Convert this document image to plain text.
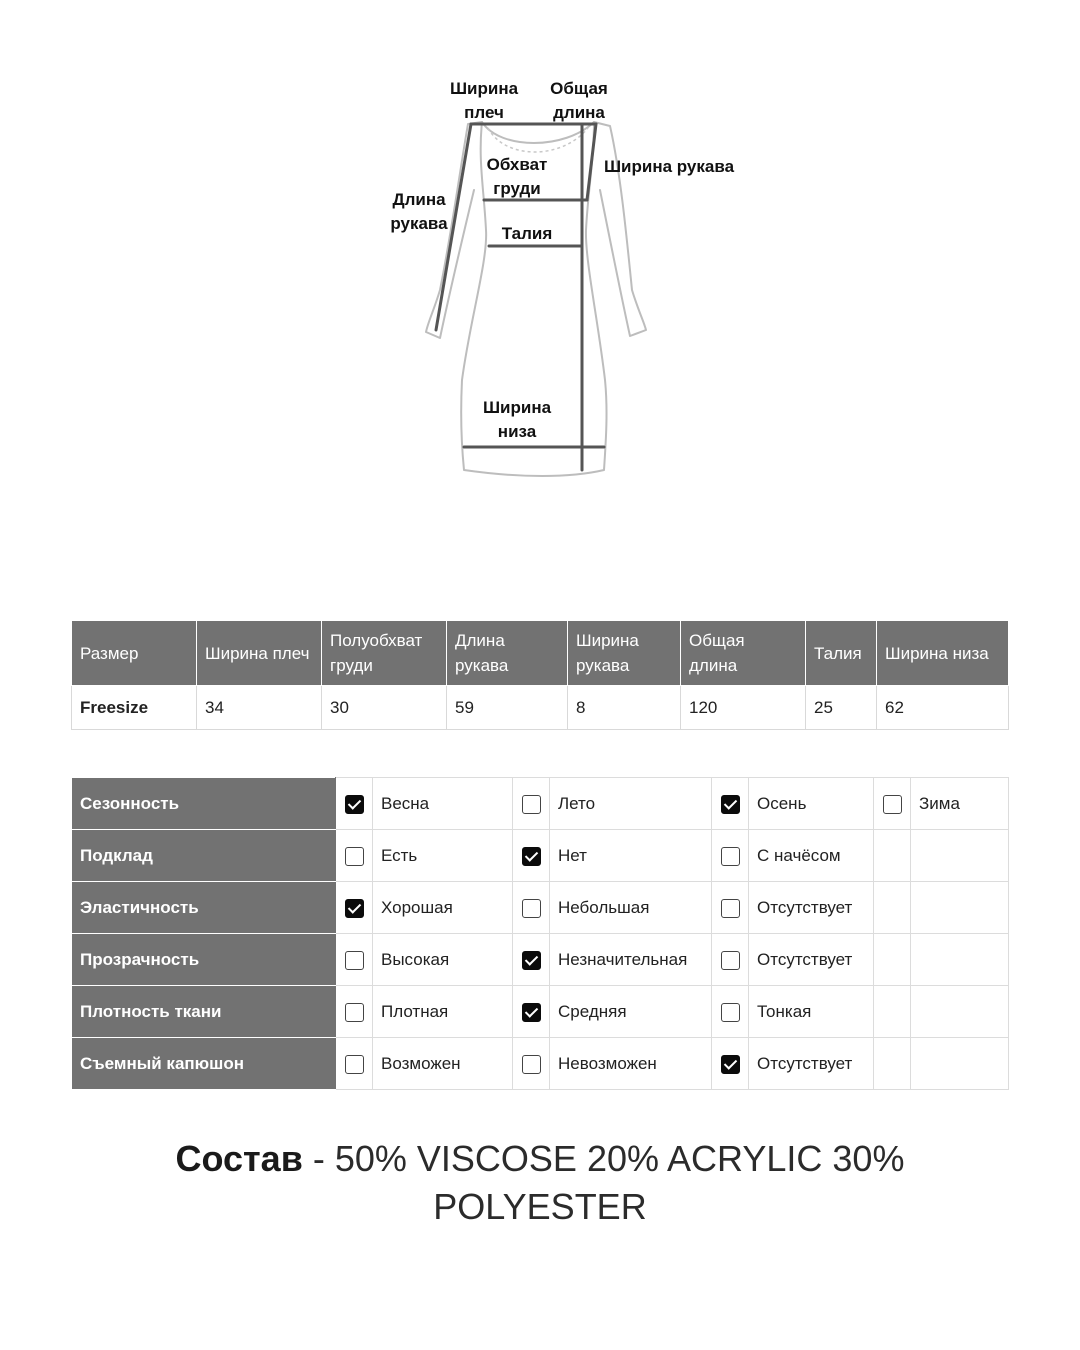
Ширина
плеч
Общая
длина
Обхват
груди
Ширина рукава
Длина
рукава
Талия
Ширина
низа
Размер	Ширина плеч	Полуобхват груди	Длина рукава	Ширина рукава	Общая длина	Талия	Ширина низа
Freesize	34	30	59	8	120	25	62
Сезонность		Весна		Лето		Осень		Зима
Подклад		Есть		Нет		С начёсом		
Эластичность		Хорошая		Небольшая		Отсутствует		
Прозрачность		Высокая		Незначительная		Отсутствует		
Плотность ткани		Плотная		Средняя		Тонкая		
Съемный капюшон		Возможен		Невозможен		Отсутствует		
Состав - 50% VISCOSE 20% ACRYLIC 30% POLYESTER
